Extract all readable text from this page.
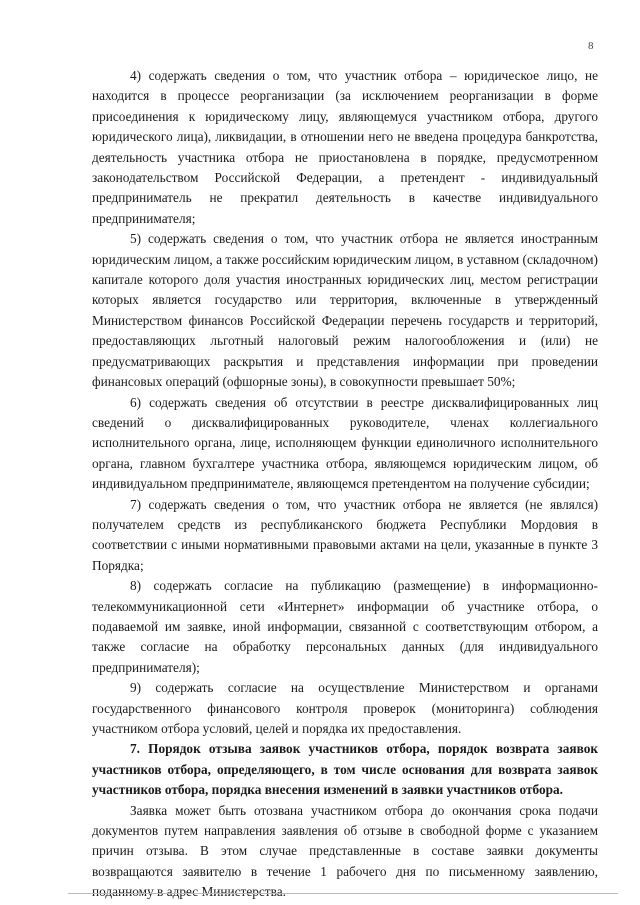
8

4) содержать сведения о том, что участник отбора – юридическое лицо, не находится в процессе реорганизации (за исключением реорганизации в форме присоединения к юридическому лицу, являющемуся участником отбора, другого юридического лица), ликвидации, в отношении него не введена процедура банкротства, деятельность участника отбора не приостановлена в порядке, предусмотренном законодательством Российской Федерации, а претендент - индивидуальный предприниматель не прекратил деятельность в качестве индивидуального предпринимателя;

5) содержать сведения о том, что участник отбора не является иностранным юридическим лицом, а также российским юридическим лицом, в уставном (складочном) капитале которого доля участия иностранных юридических лиц, местом регистрации которых является государство или территория, включенные в утвержденный Министерством финансов Российской Федерации перечень государств и территорий, предоставляющих льготный налоговый режим налогообложения и (или) не предусматривающих раскрытия и представления информации при проведении финансовых операций (офшорные зоны), в совокупности превышает 50%;

6) содержать сведения об отсутствии в реестре дисквалифицированных лиц сведений о дисквалифицированных руководителе, членах коллегиального исполнительного органа, лице, исполняющем функции единоличного исполнительного органа, главном бухгалтере участника отбора, являющемся юридическим лицом, об индивидуальном предпринимателе, являющемся претендентом на получение субсидии;

7) содержать сведения о том, что участник отбора не является (не являлся) получателем средств из республиканского бюджета Республики Мордовия в соответствии с иными нормативными правовыми актами на цели, указанные в пункте 3 Порядка;

8) содержать согласие на публикацию (размещение) в информационно-телекоммуникационной сети «Интернет» информации об участнике отбора, о подаваемой им заявке, иной информации, связанной с соответствующим отбором, а также согласие на обработку персональных данных (для индивидуального предпринимателя);

9) содержать согласие на осуществление Министерством и органами государственного финансового контроля проверок (мониторинга) соблюдения участником отбора условий, целей и порядка их предоставления.

7. Порядок отзыва заявок участников отбора, порядок возврата заявок участников отбора, определяющего, в том числе основания для возврата заявок участников отбора, порядка внесения изменений в заявки участников отбора.

Заявка может быть отозвана участником отбора до окончания срока подачи документов путем направления заявления об отзыве в свободной форме с указанием причин отзыва. В этом случае представленные в составе заявки документы возвращаются заявителю в течение 1 рабочего дня по письменному заявлению, поданному в адрес Министерства.
